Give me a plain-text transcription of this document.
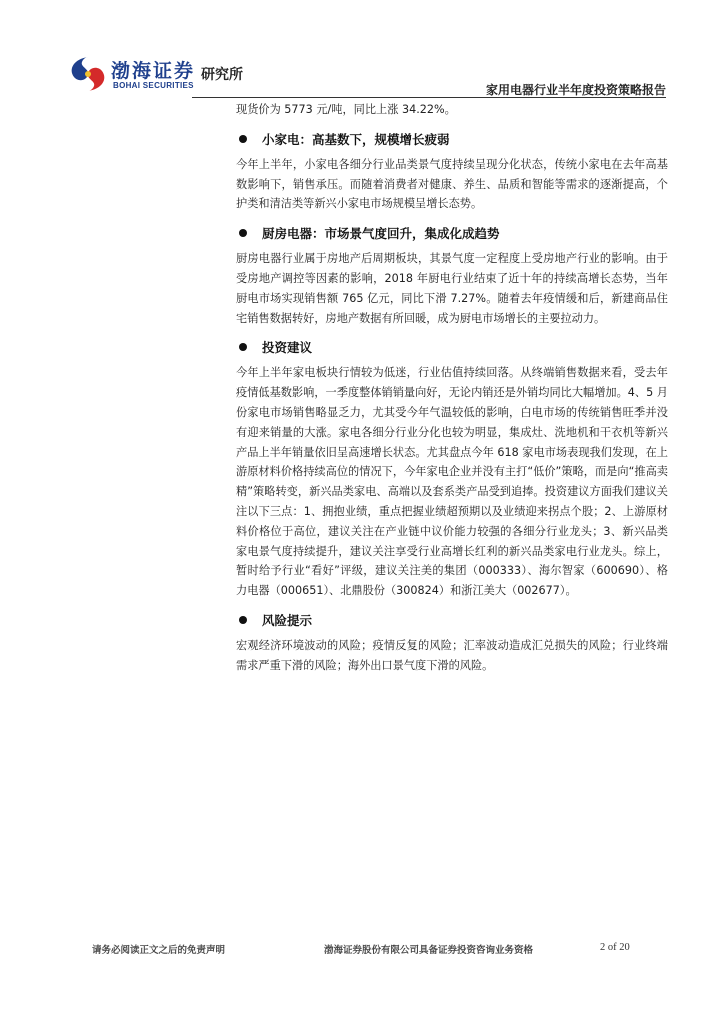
渤海证券
BOHAI SECURITIES
研究所
家用电器行业半年度投资策略报告

现货价为 5773 元/吨，同比上涨 34.22%。

小家电：高基数下，规模增长疲弱

今年上半年，小家电各细分行业品类景气度持续呈现分化状态，传统小家电在去年高基数影响下，销售承压。而随着消费者对健康、养生、品质和智能等需求的逐渐提高，个护类和清洁类等新兴小家电市场规模呈增长态势。

厨房电器：市场景气度回升，集成化成趋势

厨房电器行业属于房地产后周期板块，其景气度一定程度上受房地产行业的影响。由于受房地产调控等因素的影响，2018 年厨电行业结束了近十年的持续高增长态势，当年厨电市场实现销售额 765 亿元，同比下滑 7.27%。随着去年疫情缓和后，新建商品住宅销售数据转好，房地产数据有所回暖，成为厨电市场增长的主要拉动力。

投资建议

今年上半年家电板块行情较为低迷，行业估值持续回落。从终端销售数据来看，受去年疫情低基数影响，一季度整体销销量向好，无论内销还是外销均同比大幅增加。4、5 月份家电市场销售略显乏力，尤其受今年气温较低的影响，白电市场的传统销售旺季并没有迎来销量的大涨。家电各细分行业分化也较为明显，集成灶、洗地机和干衣机等新兴产品上半年销量依旧呈高速增长状态。尤其盘点今年 618 家电市场表现我们发现，在上游原材料价格持续高位的情况下，今年家电企业并没有主打“低价”策略，而是向“推高卖精”策略转变，新兴品类家电、高端以及套系类产品受到追捧。投资建议方面我们建议关注以下三点：1、拥抱业绩，重点把握业绩超预期以及业绩迎来拐点个股；2、上游原材料价格位于高位，建议关注在产业链中议价能力较强的各细分行业龙头；3、新兴品类家电景气度持续提升，建议关注享受行业高增长红利的新兴品类家电行业龙头。综上，暂时给予行业“看好”评级，建议关注美的集团（000333）、海尔智家（600690）、格力电器（000651）、北鼎股份（300824）和浙江美大（002677）。

风险提示

宏观经济环境波动的风险；疫情反复的风险；汇率波动造成汇兑损失的风险；行业终端需求严重下滑的风险；海外出口景气度下滑的风险。

请务必阅读正文之后的免责声明	渤海证券股份有限公司具备证券投资咨询业务资格	2 of 20
